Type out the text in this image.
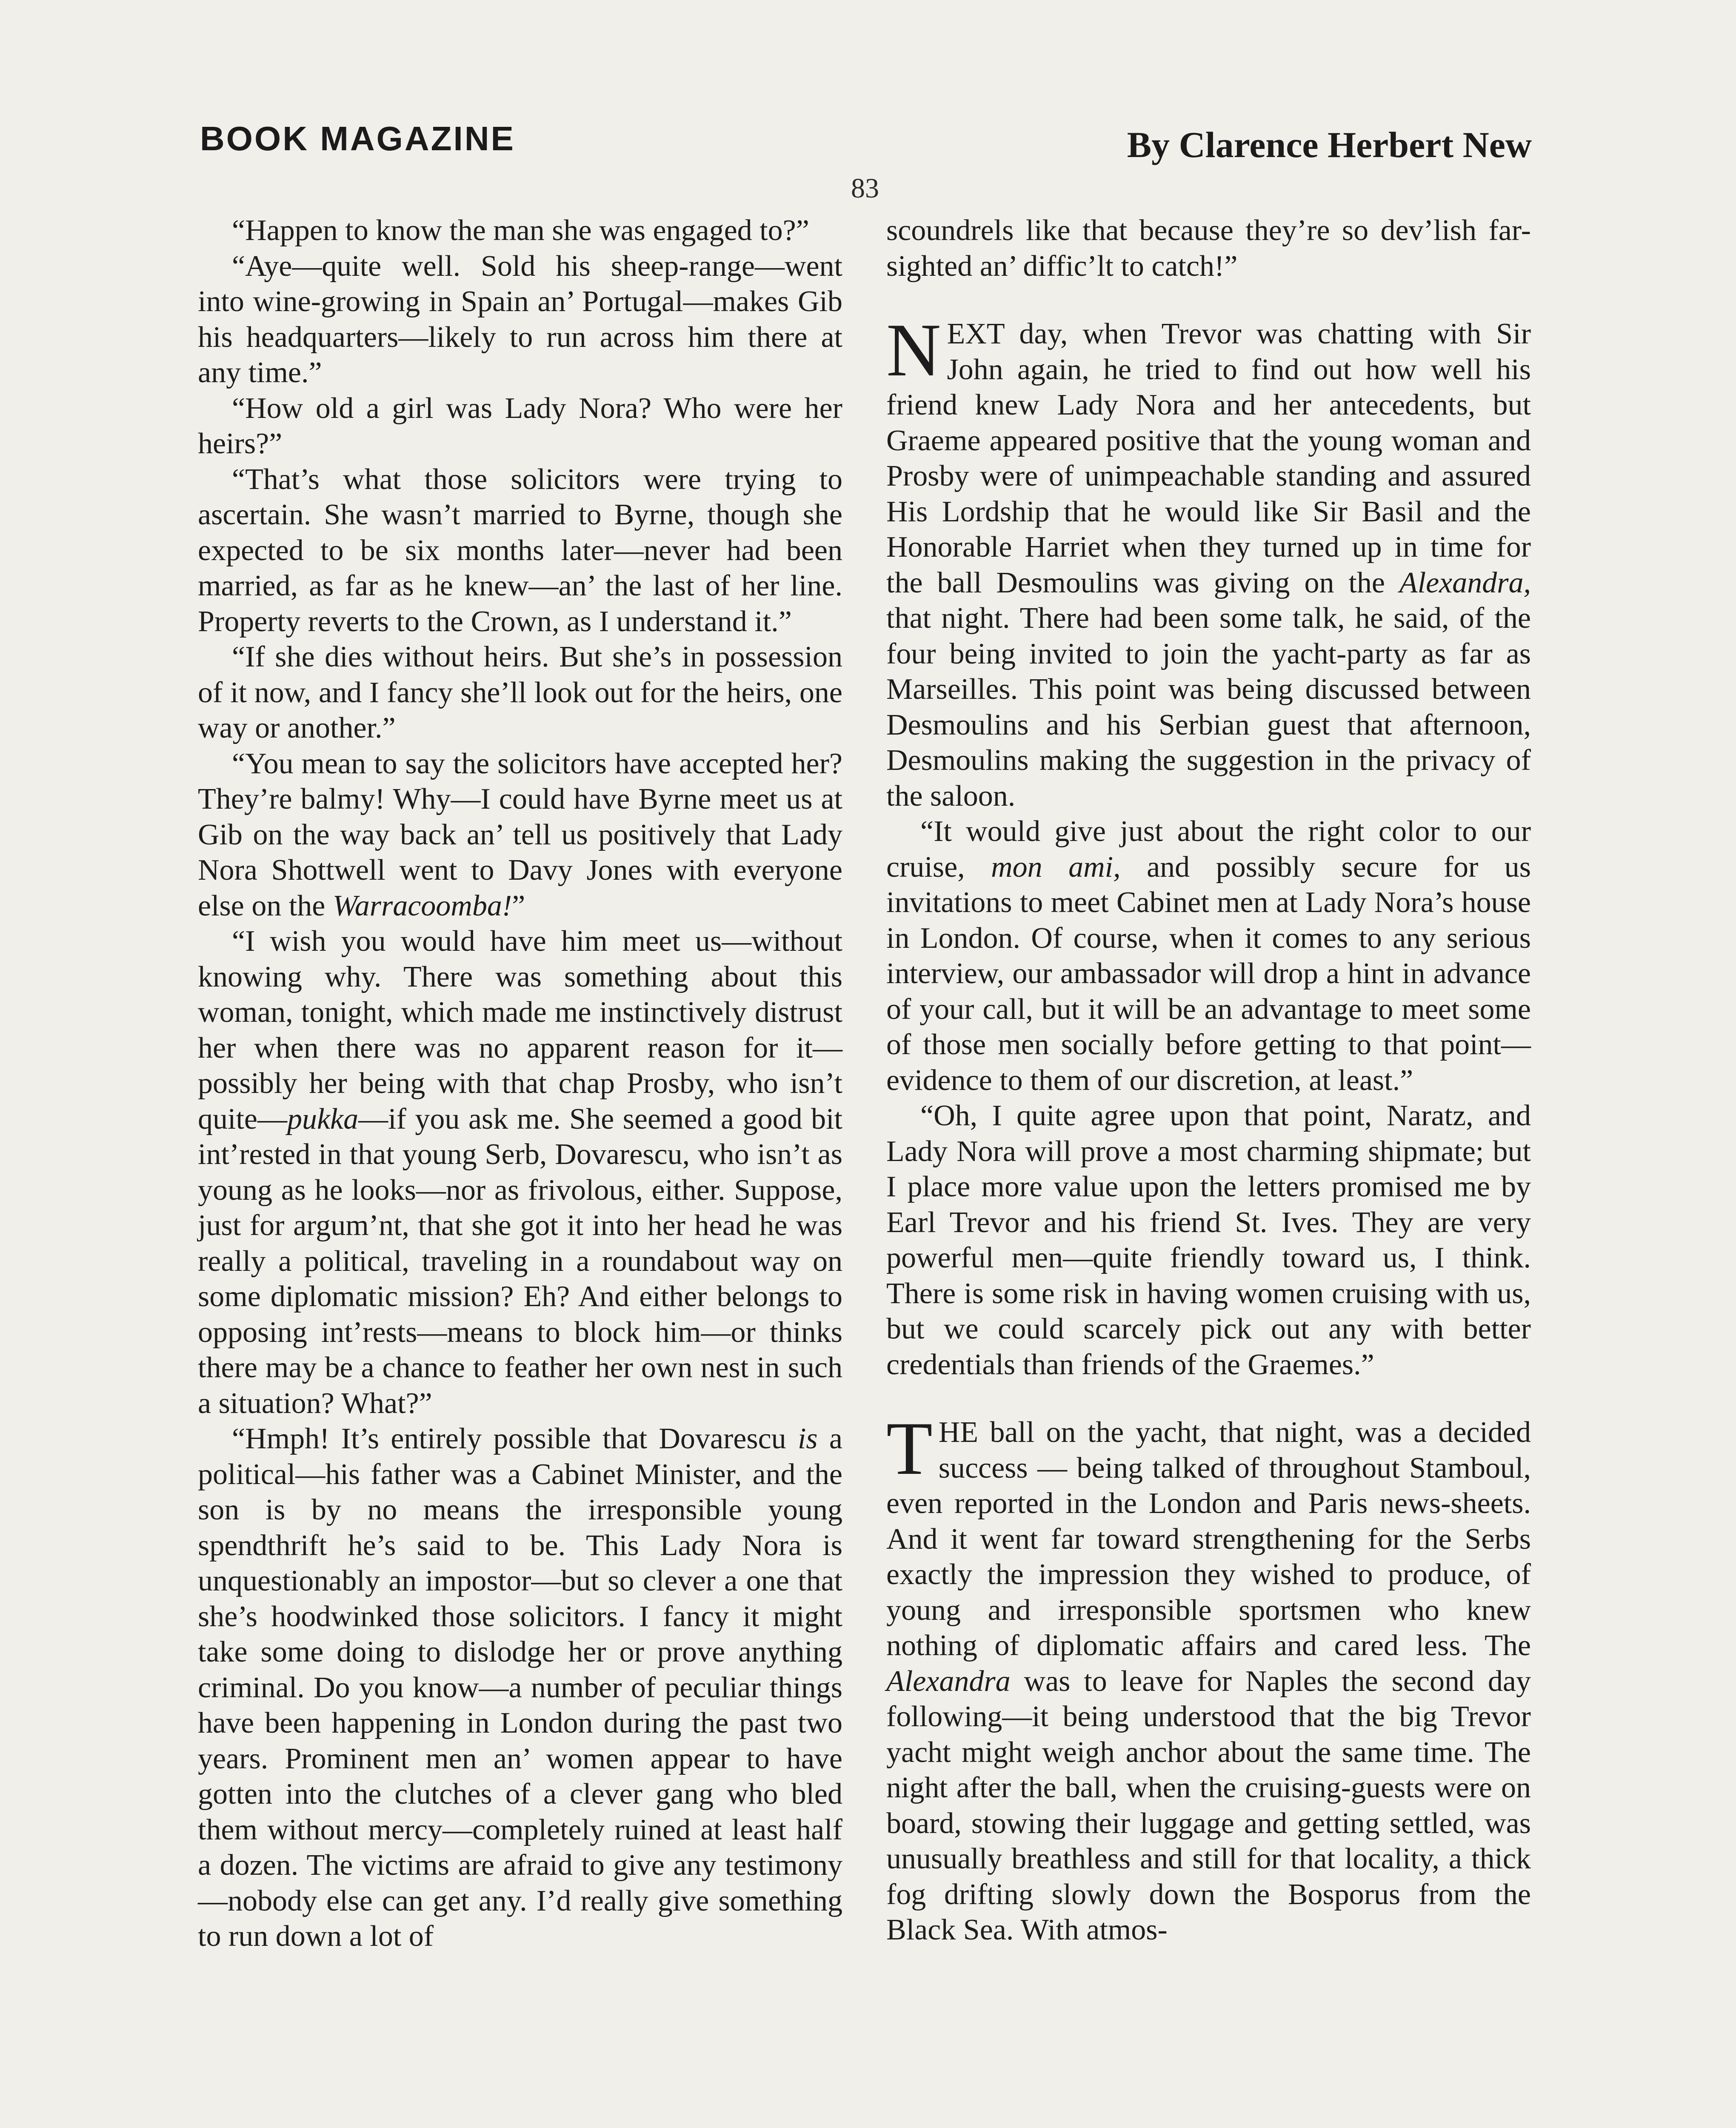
BOOK MAGAZINE	By Clarence Herbert New
83

“Happen to know the man she was engaged to?”

“Aye—quite well. Sold his sheep-range—went into wine-growing in Spain an’ Portugal—makes Gib his headquarters—likely to run across him there at any time.”

“How old a girl was Lady Nora? Who were her heirs?”

“That’s what those solicitors were trying to ascertain. She wasn’t married to Byrne, though she expected to be six months later—never had been married, as far as he knew—an’ the last of her line. Property reverts to the Crown, as I understand it.”

“If she dies without heirs. But she’s in possession of it now, and I fancy she’ll look out for the heirs, one way or another.”

“You mean to say the solicitors have accepted her? They’re balmy! Why—I could have Byrne meet us at Gib on the way back an’ tell us positively that Lady Nora Shottwell went to Davy Jones with everyone else on the Warracoomba!”

“I wish you would have him meet us—without knowing why. There was something about this woman, tonight, which made me instinctively distrust her when there was no apparent reason for it—possibly her being with that chap Prosby, who isn’t quite—pukka—if you ask me. She seemed a good bit int’rested in that young Serb, Dovarescu, who isn’t as young as he looks—nor as frivolous, either. Suppose, just for argum’nt, that she got it into her head he was really a political, traveling in a roundabout way on some diplomatic mission? Eh? And either belongs to opposing int’rests—means to block him—or thinks there may be a chance to feather her own nest in such a situation? What?”

“Hmph! It’s entirely possible that Dovarescu is a political—his father was a Cabinet Minister, and the son is by no means the irresponsible young spendthrift he’s said to be. This Lady Nora is unquestionably an impostor—but so clever a one that she’s hoodwinked those solicitors. I fancy it might take some doing to dislodge her or prove anything criminal. Do you know—a number of peculiar things have been happening in London during the past two years. Prominent men an’ women appear to have gotten into the clutches of a clever gang who bled them without mercy—completely ruined at least half a dozen. The victims are afraid to give any testimony—nobody else can get any. I’d really give something to run down a lot of

scoundrels like that because they’re so dev’lish far-sighted an’ diffic’lt to catch!”

NEXT day, when Trevor was chatting with Sir John again, he tried to find out how well his friend knew Lady Nora and her antecedents, but Graeme appeared positive that the young woman and Prosby were of unimpeachable standing and assured His Lordship that he would like Sir Basil and the Honorable Harriet when they turned up in time for the ball Desmoulins was giving on the Alexandra, that night. There had been some talk, he said, of the four being invited to join the yacht-party as far as Marseilles. This point was being discussed between Desmoulins and his Serbian guest that afternoon, Desmoulins making the suggestion in the privacy of the saloon.

“It would give just about the right color to our cruise, mon ami, and possibly secure for us invitations to meet Cabinet men at Lady Nora’s house in London. Of course, when it comes to any serious interview, our ambassador will drop a hint in advance of your call, but it will be an advantage to meet some of those men socially before getting to that point—evidence to them of our discretion, at least.”

“Oh, I quite agree upon that point, Naratz, and Lady Nora will prove a most charming shipmate; but I place more value upon the letters promised me by Earl Trevor and his friend St. Ives. They are very powerful men—quite friendly toward us, I think. There is some risk in having women cruising with us, but we could scarcely pick out any with better credentials than friends of the Graemes.”

THE ball on the yacht, that night, was a decided success — being talked of throughout Stamboul, even reported in the London and Paris news-sheets. And it went far toward strengthening for the Serbs exactly the impression they wished to produce, of young and irresponsible sportsmen who knew nothing of diplomatic affairs and cared less. The Alexandra was to leave for Naples the second day following—it being understood that the big Trevor yacht might weigh anchor about the same time. The night after the ball, when the cruising-guests were on board, stowing their luggage and getting settled, was unusually breathless and still for that locality, a thick fog drifting slowly down the Bosporus from the Black Sea. With atmos-
